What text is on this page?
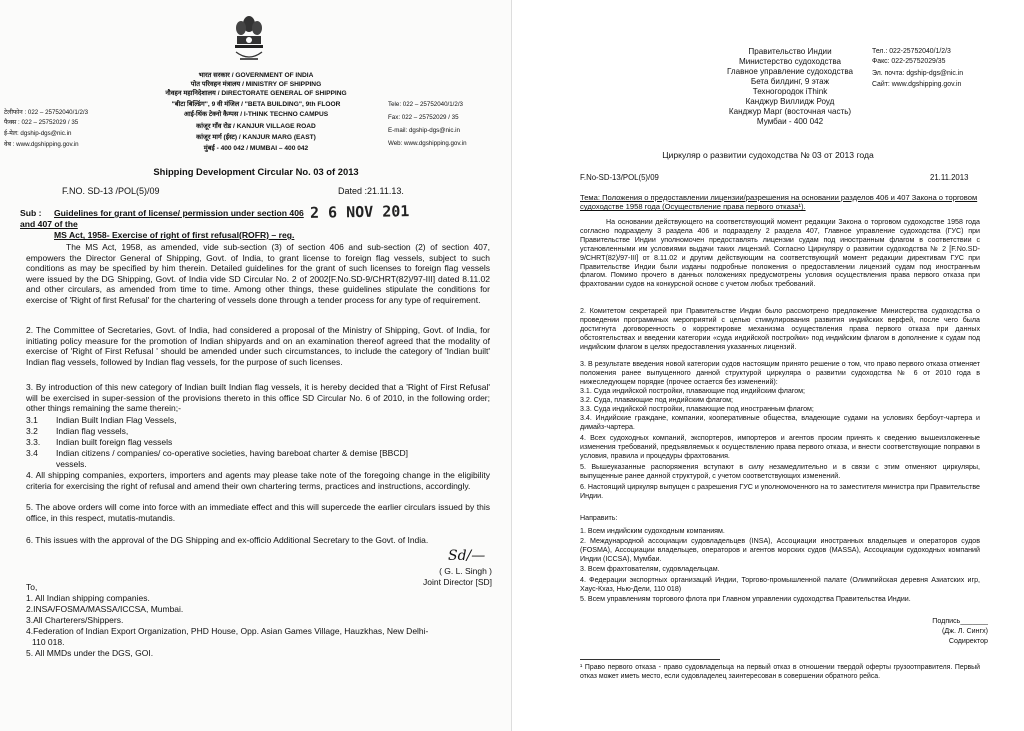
भारत सरकार / GOVERNMENT OF INDIA
पोत परिवहन मंत्रालय / MINISTRY OF SHIPPING
नौवहन महानिदेशालय / DIRECTORATE GENERAL OF SHIPPING
"बीटा बिल्डिंग", 9 वी मंजिल / "BETA BUILDING", 9th FLOOR
आई-थिंक टेक्नो कैम्पस / I-THINK TECHNO CAMPUS
कांजूर गाँव रोड / KANJUR VILLAGE ROAD
कांजूर मार्ग (ईस्ट) / KANJUR MARG (EAST)
मुंबई - 400 042 / MUMBAI – 400 042
टेलीफोन : 022 – 25752040/1/2/3
फैक्स : 022 – 25752029 / 35
ई-मेल: dgship-dgs@nic.in
वेब : www.dgshipping.gov.in
Tele: 022 – 25752040/1/2/3
Fax: 022 – 25752029 / 35
E-mail: dgship-dgs@nic.in
Web: www.dgshipping.gov.in
Shipping Development Circular No. 03 of 2013
F.NO. SD-13 /POL(5)/09	Dated :21.11.13.
2 6 NOV 201
Sub : Guidelines for grant of license/ permission under section 406 and 407 of the
MS Act, 1958- Exercise of right of first refusal(ROFR) – reg.
The MS Act, 1958, as amended, vide sub-section (3) of section 406 and sub-section (2) of section 407, empowers the Director General of Shipping, Govt. of India, to grant license to foreign flag vessels, subject to such conditions as may be specified by him therein. Detailed guidelines for the grant of such licenses to foreign flag vessels were issued by the DG Shipping, Govt. of India vide SD Circular No. 2 of 2002[F.No.SD-9/CHRT(82)/97-III] dated 8.11.02 and other circulars, as amended from time to time. Among other things, these guidelines stipulate the conditions for exercise of 'Right of first Refusal' for the chartering of vessels done through a tender process for any type of requirement.
2. The Committee of Secretaries, Govt. of India, had considered a proposal of the Ministry of Shipping, Govt. of India, for initiating policy measure for the promotion of Indian shipyards and on an examination thereof agreed that the modality of exercise of 'Right of First Refusal ' should be amended under such circumstances, to include the category of 'Indian built' Indian flag vessels, followed by Indian flag vessels, for the purpose of such licenses.
3. By introduction of this new category of Indian built Indian flag vessels, it is hereby decided that a 'Right of First Refusal' will be exercised in super-session of the provisions thereto in this office SD Circular No. 6 of 2010, in the following order; other things remaining the same therein;-
3.1 Indian Built Indian Flag Vessels,
3.2 Indian flag vessels,
3.3. Indian built foreign flag vessels
3.4 Indian citizens / companies/ co-operative societies, having bareboat charter & demise [BBCD]
vessels.
4. All shipping companies, exporters, importers and agents may please take note of the foregoing change in the eligibility criteria for exercising the right of refusal and amend their own chartering terms, practices and instructions, accordingly.
5. The above orders will come into force with an immediate effect and this will supercede the earlier circulars issued by this office, in this respect, mutatis-mutandis.
6. This issues with the approval of the DG Shipping and ex-officio Additional Secretary to the Govt. of India.
Sd/—
( G. L. Singh )
Joint Director [SD]
To,
1. All Indian shipping companies.
2.INSA/FOSMA/MASSA/ICCSA, Mumbai.
3.All Charterers/Shippers.
4.Federation of Indian Export Organization, PHD House, Opp. Asian Games Village, Hauzkhas, New Delhi-
110 018.
5. All MMDs under the DGS, GOI.
Правительство Индии
Министерство судоходства
Главное управление судоходства
Бета билдинг, 9 этаж
Техногородок iThink
Канджур Виллидж Роуд
Канджур Марг (восточная часть)
Мумбаи - 400 042
Тел.: 022-25752040/1/2/3
Факс: 022-25752029/35
Эл. почта: dgship-dgs@nic.in
Сайт: www.dgshipping.gov.in
Циркуляр о развитии судоходства № 03 от 2013 года
F.No-SD-13/POL(5)/09	21.11.2013
Тема: Положения о предоставлении лицензии/разрешения на основании разделов 406 и 407 Закона о торговом судоходстве 1958 года (Осуществление права первого отказа¹).
На основании действующего на соответствующий момент редакции Закона о торговом судоходстве 1958 года согласно подразделу 3 раздела 406 и подразделу 2 раздела 407, Главное управление судоходства (ГУС) при Правительстве Индии уполномочен предоставлять лицензии судам под иностранным флагом в соответствии с установленными им условиями выдачи таких лицензий. Согласно Циркуляру о развитии судоходства № 2 [F.No.SD-9/CHRT(82)/97-III] от 8.11.02 и другим действующим на соответствующий момент редакции директивам ГУС при Правительстве Индии были изданы подробные положения о предоставлении лицензий судам под иностранным флагом. Помимо прочего в данных положениях предусмотрены условия осуществления права первого отказа при фрахтовании судов на конкурсной основе с учетом любых требований.
2. Комитетом секретарей при Правительстве Индии было рассмотрено предложение Министерства судоходства о проведении программных мероприятий с целью стимулирования развития индийских верфей, после чего была достигнута договоренность о корректировке механизма осуществления права первого отказа при данных обстоятельствах и введении категории «суда индийской постройки» под индийским флагом в дополнение к судам под индийским флагом в целях предоставления указанных лицензий.
3. В результате введения новой категории судов настоящим принято решение о том, что право первого отказа отменяет положения ранее выпущенного данной структурой циркуляра о развитии судоходства № 6 от 2010 года в нижеследующем порядке (прочее остается без изменений):
3.1. Суда индийской постройки, плавающие под индийским флагом;
3.2. Суда, плавающие под индийским флагом;
3.3. Суда индийской постройки, плавающие под иностранным флагом;
3.4. Индийские граждане, компании, кооперативные общества, владеющие судами на условиях бербоут-чартера и димайз-чартера.
4. Всех судоходных компаний, экспортеров, импортеров и агентов просим принять к сведению вышеизложенные изменения требований, предъявляемых к осуществлению права первого отказа, и внести соответствующие поправки в условия, правила и процедуры фрахтования.
5. Вышеуказанные распоряжения вступают в силу незамедлительно и в связи с этим отменяют циркуляры, выпущенные ранее данной структурой, с учетом соответствующих изменений.
6. Настоящий циркуляр выпущен с разрешения ГУС и уполномоченного на то заместителя министра при Правительстве Индии.
Направить:
1. Всем индийским судоходным компаниям.
2. Международной ассоциации судовладельцев (INSA), Ассоциации иностранных владельцев и операторов судов (FOSMA), Ассоциации владельцев, операторов и агентов морских судов (MASSA), Ассоциации судоходных компаний Индии (ICCSA), Мумбаи.
3. Всем фрахтователям, судовладельцам.
4. Федерации экспортных организаций Индии, Торгово-промышленной палате (Олимпийская деревня Азиатских игр, Хаус-Кхаз, Нью-Дели, 110 018)
5. Всем управлениям торгового флота при Главном управлении судоходства Правительства Индии.
Подпись_______
(Дж. Л. Сингх)
Содиректор
¹ Право первого отказа - право судовладельца на первый отказ в отношении твердой оферты грузоотправителя. Первый отказ может иметь место, если судовладелец заинтересован в совершении обратного рейса.
